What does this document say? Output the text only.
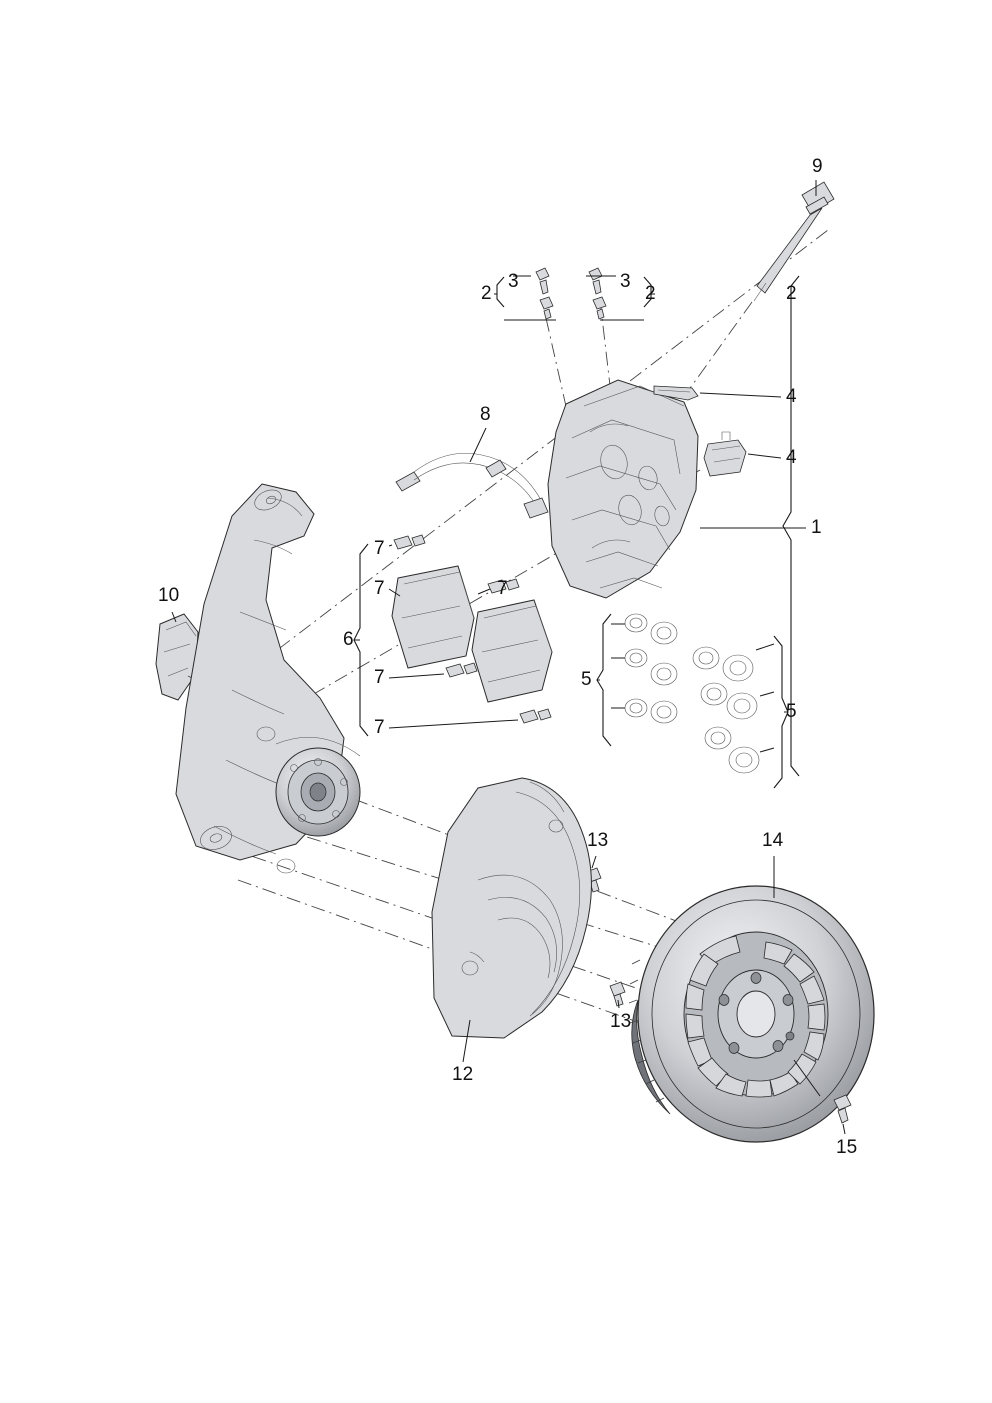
1
2	2	2
3	3
4
4
5
5
6
7
7	7
7
7
8
9
10
12
13
13
14
15
